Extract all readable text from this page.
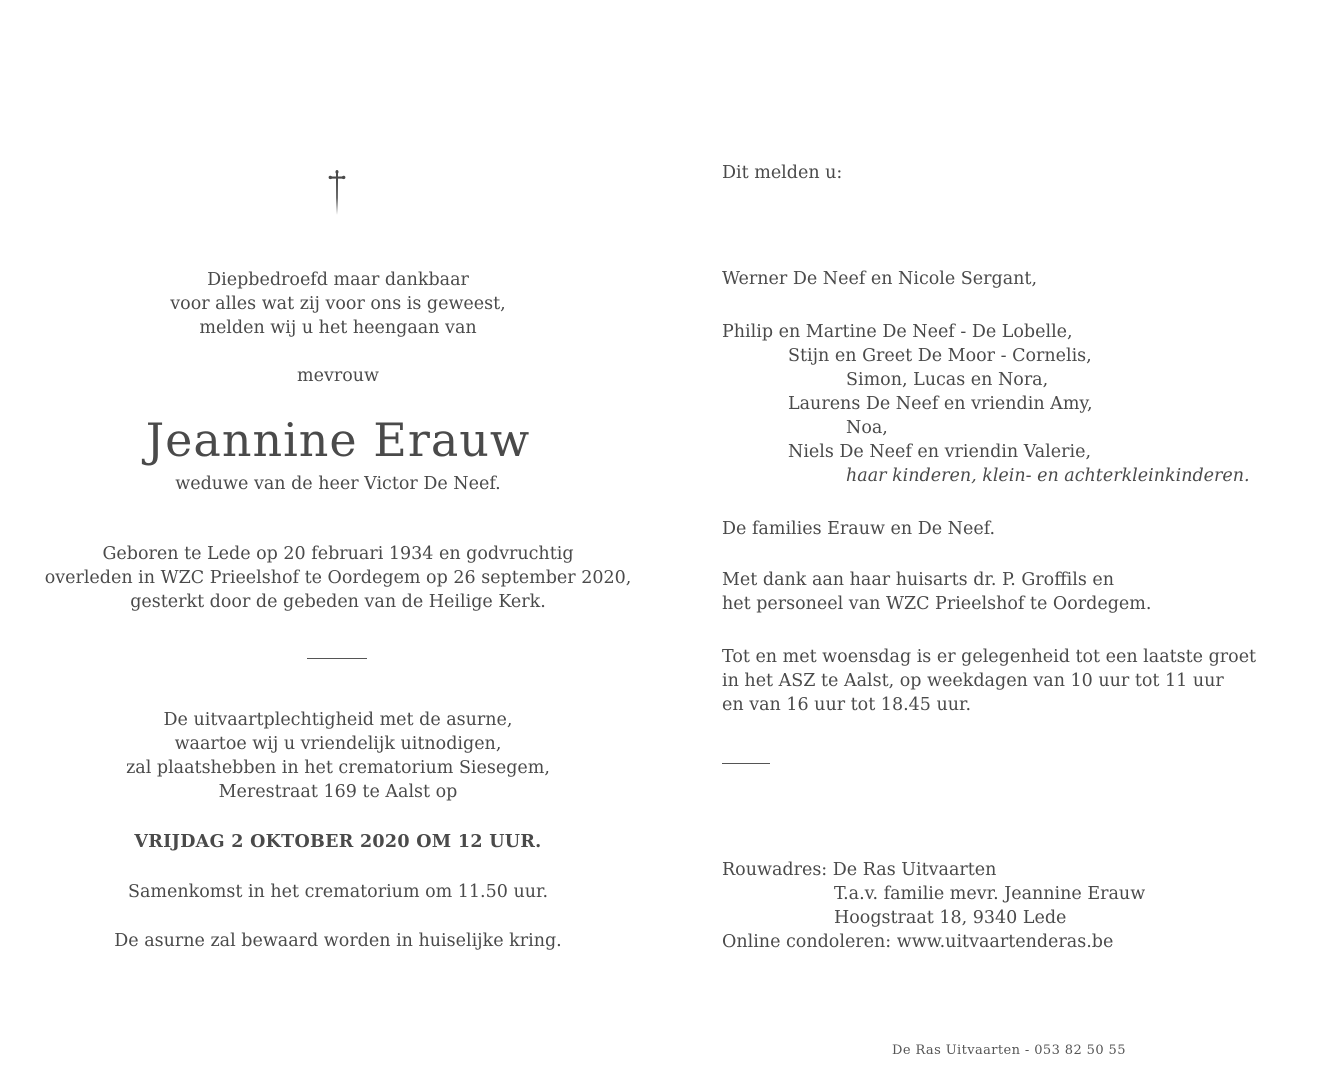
Diepbedroefd maar dankbaar
voor alles wat zij voor ons is geweest,
melden wij u het heengaan van
mevrouw
Jeannine Erauw
weduwe van de heer Victor De Neef.
Geboren te Lede op 20 februari 1934 en godvruchtig
overleden in WZC Prieelshof te Oordegem op 26 september 2020,
gesterkt door de gebeden van de Heilige Kerk.
De uitvaartplechtigheid met de asurne,
waartoe wij u vriendelijk uitnodigen,
zal plaatshebben in het crematorium Siesegem,
Merestraat 169 te Aalst op
VRIJDAG 2 OKTOBER 2020 OM 12 UUR.
Samenkomst in het crematorium om 11.50 uur.
De asurne zal bewaard worden in huiselijke kring.
Dit melden u:
Werner De Neef en Nicole Sergant,
Philip en Martine De Neef - De Lobelle,
Stijn en Greet De Moor - Cornelis,
Simon, Lucas en Nora,
Laurens De Neef en vriendin Amy,
Noa,
Niels De Neef en vriendin Valerie,
haar kinderen, klein- en achterkleinkinderen.
De families Erauw en De Neef.
Met dank aan haar huisarts dr. P. Groffils en
het personeel van WZC Prieelshof te Oordegem.
Tot en met woensdag is er gelegenheid tot een laatste groet
in het ASZ te Aalst, op weekdagen van 10 uur tot 11 uur
en van 16 uur tot 18.45 uur.
Rouwadres: De Ras Uitvaarten
T.a.v. familie mevr. Jeannine Erauw
Hoogstraat 18, 9340 Lede
Online condoleren: www.uitvaartenderas.be
De Ras Uitvaarten - 053 82 50 55
